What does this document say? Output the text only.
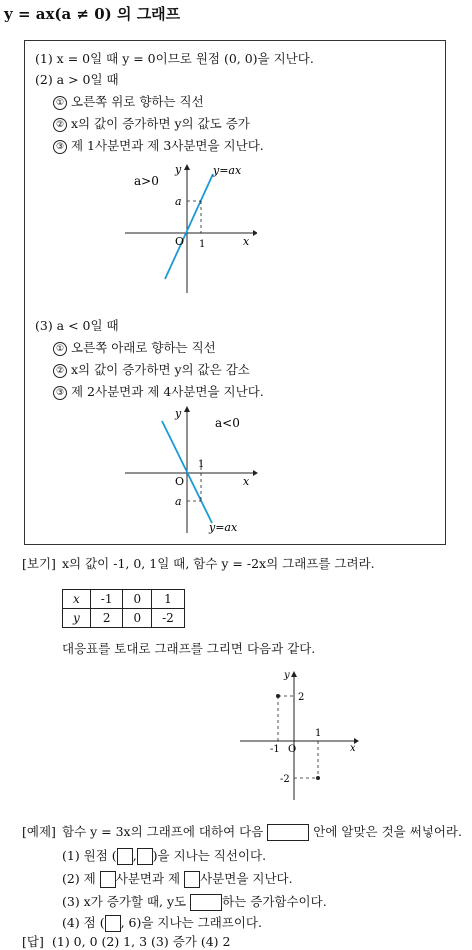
y = ax(a ≠ 0) 의 그래프
(1) x = 0일 때 y = 0이므로 원점 (0, 0)을 지난다.
(2) a > 0일 때
① 오른쪽 위로 향하는 직선
② x의 값이 증가하면 y의 값도 증가
③ 제 1사분면과 제 3사분면을 지난다.
a>0
y=ax
y
x
O
a
1
(3) a < 0일 때
① 오른쪽 아래로 향하는 직선
② x의 값이 증가하면 y의 값은 감소
③ 제 2사분면과 제 4사분면을 지난다.
a<0
y=ax
y
x
O
a
1
[보기] x의 값이 -1, 0, 1일 때, 함수 y = -2x의 그래프를 그려라.
x	-1	0	1
y	2	0	-2
대응표를 토대로 그래프를 그리면 다음과 같다.
y
x
O
2
-2
-1
1
[예제] 함수 y = 3x의 그래프에 대하여 다음	안에 알맞은 것을 써넣어라.
(1) 원점 ( , )을 지나는 직선이다.
(2) 제 사분면과 제 사분면을 지난다.
(3) x가 증가할 때, y도	하는 증가함수이다.
(4) 점 ( , 6)을 지나는 그래프이다.
[답] (1) 0, 0 (2) 1, 3 (3) 증가 (4) 2
